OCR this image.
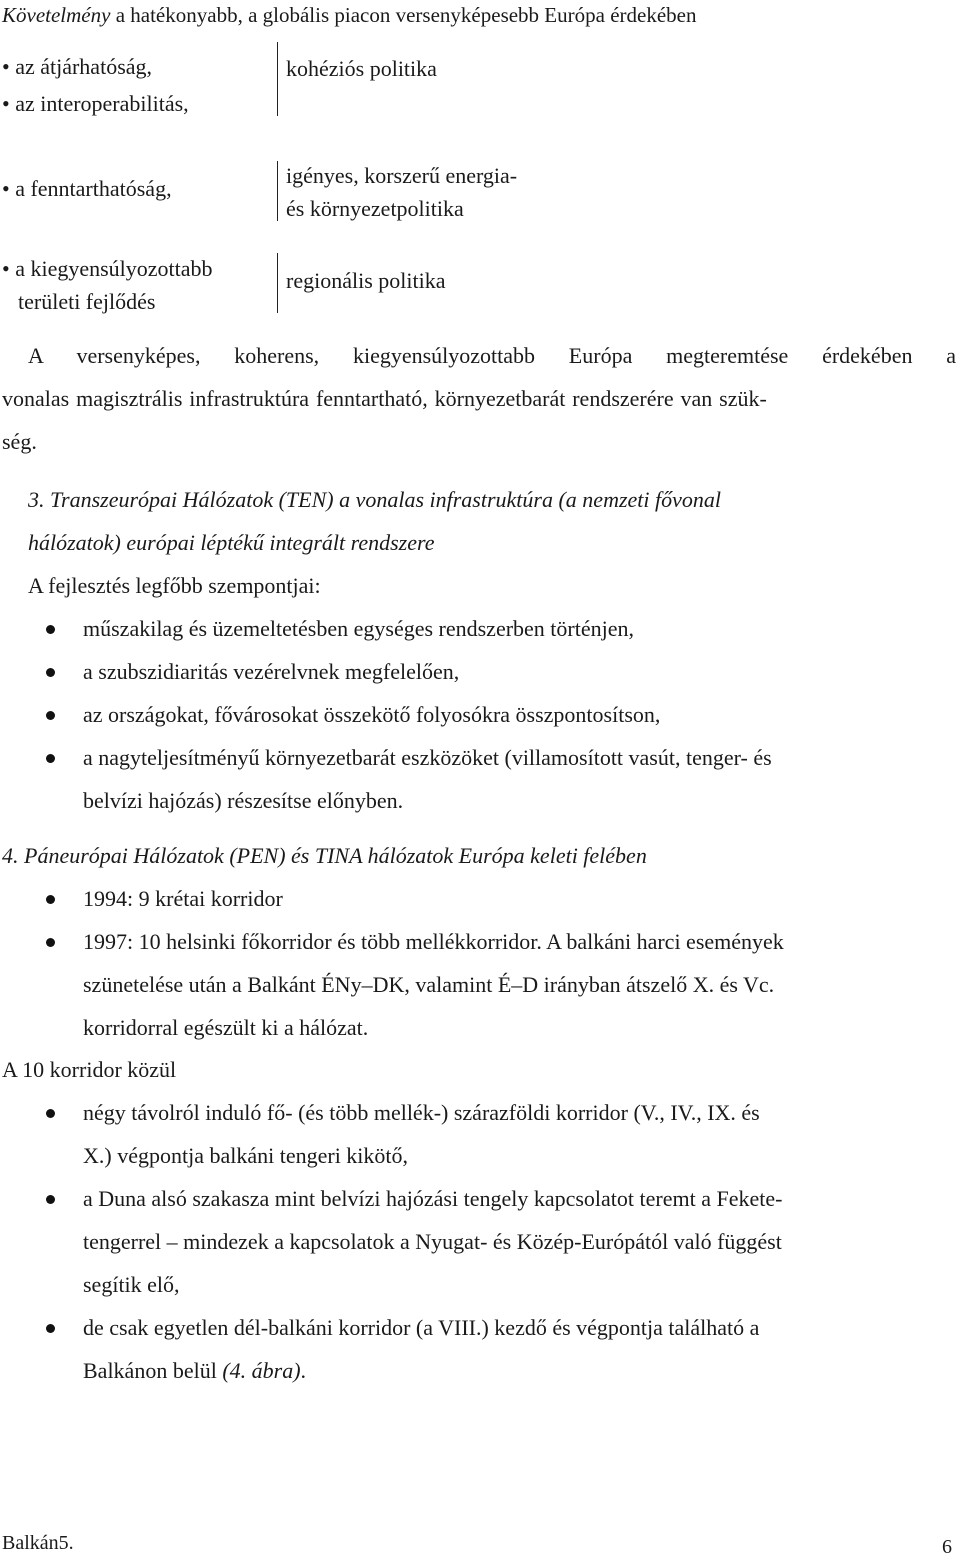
Követelmény a hatékonyabb, a globális piacon versenyképesebb Európa érdekében
• az átjárhatóság,
• az interoperabilitás,
• a fenntarthatóság,
• a kiegyensúlyozottabb
területi fejlődés
kohéziós politika
igényes, korszerű energia-
és környezetpolitika
regionális politika
A versenyképes, koherens, kiegyensúlyozottabb Európa megteremtése érdekében a
vonalas magisztrális infrastruktúra fenntartható, környezetbarát rendszerére van szük-
ség.
3. Transzeurópai Hálózatok (TEN) a vonalas infrastruktúra (a nemzeti fővonal
hálózatok) európai léptékű integrált rendszere
A fejlesztés legfőbb szempontjai:
műszakilag és üzemeltetésben egységes rendszerben történjen,
a szubszidiaritás vezérelvnek megfelelően,
az országokat, fővárosokat összekötő folyosókra összpontosítson,
a nagyteljesítményű környezetbarát eszközöket (villamosított vasút, tenger- és
belvízi hajózás) részesítse előnyben.
4. Páneurópai Hálózatok (PEN) és TINA hálózatok Európa keleti felében
1994: 9 krétai korridor
1997: 10 helsinki főkorridor és több mellékkorridor. A balkáni harci események
szünetelése után a Balkánt ÉNy–DK, valamint É–D irányban átszelő X. és Vc.
korridorral egészült ki a hálózat.
A 10 korridor közül
négy távolról induló fő- (és több mellék-) szárazföldi korridor (V., IV., IX. és
X.) végpontja balkáni tengeri kikötő,
a Duna alsó szakasza mint belvízi hajózási tengely kapcsolatot teremt a Fekete-
tengerrel – mindezek a kapcsolatok a Nyugat- és Közép-Európától való függést
segítik elő,
de csak egyetlen dél-balkáni korridor (a VIII.) kezdő és végpontja található a
Balkánon belül (4. ábra).
Balkán5.	6
